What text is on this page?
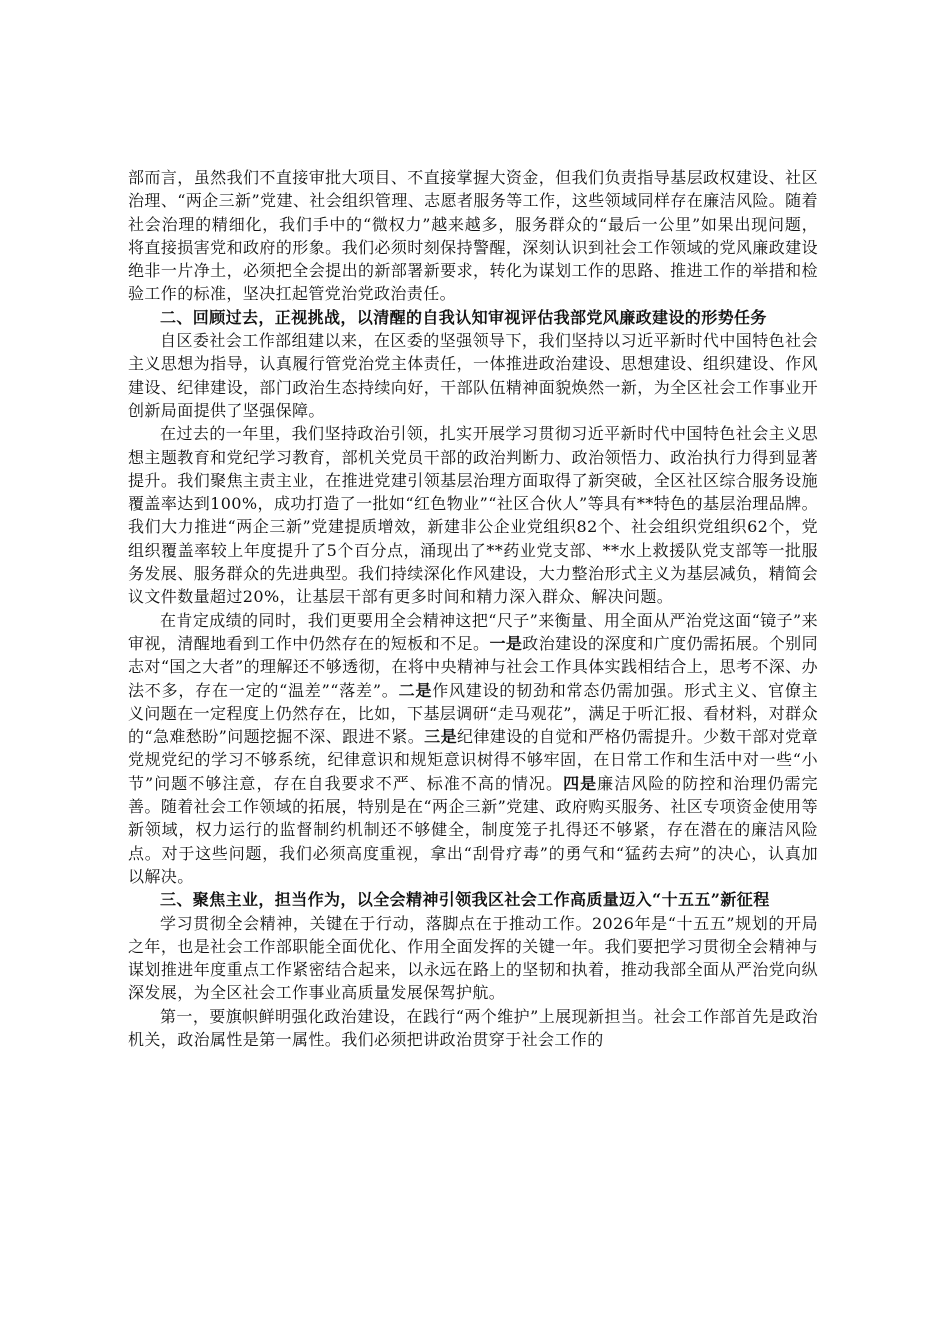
部而言，虽然我们不直接审批大项目、不直接掌握大资金，但我们负责指导基层政权建设、社区治理、“两企三新”党建、社会组织管理、志愿者服务等工作，这些领域同样存在廉洁风险。随着社会治理的精细化，我们手中的“微权力”越来越多，服务群众的“最后一公里”如果出现问题，将直接损害党和政府的形象。我们必须时刻保持警醒，深刻认识到社会工作领域的党风廉政建设绝非一片净土，必须把全会提出的新部署新要求，转化为谋划工作的思路、推进工作的举措和检验工作的标准，坚决扛起管党治党政治责任。

二、回顾过去，正视挑战，以清醒的自我认知审视评估我部党风廉政建设的形势任务

自区委社会工作部组建以来，在区委的坚强领导下，我们坚持以习近平新时代中国特色社会主义思想为指导，认真履行管党治党主体责任，一体推进政治建设、思想建设、组织建设、作风建设、纪律建设，部门政治生态持续向好，干部队伍精神面貌焕然一新，为全区社会工作事业开创新局面提供了坚强保障。

在过去的一年里，我们坚持政治引领，扎实开展学习贯彻习近平新时代中国特色社会主义思想主题教育和党纪学习教育，部机关党员干部的政治判断力、政治领悟力、政治执行力得到显著提升。我们聚焦主责主业，在推进党建引领基层治理方面取得了新突破，全区社区综合服务设施覆盖率达到100%，成功打造了一批如“红色物业”“社区合伙人”等具有**特色的基层治理品牌。我们大力推进“两企三新”党建提质增效，新建非公企业党组织82个、社会组织党组织62个，党组织覆盖率较上年度提升了5个百分点，涌现出了**药业党支部、**水上救援队党支部等一批服务发展、服务群众的先进典型。我们持续深化作风建设，大力整治形式主义为基层减负，精简会议文件数量超过20%，让基层干部有更多时间和精力深入群众、解决问题。

在肯定成绩的同时，我们更要用全会精神这把“尺子”来衡量、用全面从严治党这面“镜子”来审视，清醒地看到工作中仍然存在的短板和不足。一是政治建设的深度和广度仍需拓展。个别同志对“国之大者”的理解还不够透彻，在将中央精神与社会工作具体实践相结合上，思考不深、办法不多，存在一定的“温差”“落差”。二是作风建设的韧劲和常态仍需加强。形式主义、官僚主义问题在一定程度上仍然存在，比如，下基层调研“走马观花”，满足于听汇报、看材料，对群众的“急难愁盼”问题挖掘不深、跟进不紧。三是纪律建设的自觉和严格仍需提升。少数干部对党章党规党纪的学习不够系统，纪律意识和规矩意识树得不够牢固，在日常工作和生活中对一些“小节”问题不够注意，存在自我要求不严、标准不高的情况。四是廉洁风险的防控和治理仍需完善。随着社会工作领域的拓展，特别是在“两企三新”党建、政府购买服务、社区专项资金使用等新领域，权力运行的监督制约机制还不够健全，制度笼子扎得还不够紧，存在潜在的廉洁风险点。对于这些问题，我们必须高度重视，拿出“刮骨疗毒”的勇气和“猛药去疴”的决心，认真加以解决。

三、聚焦主业，担当作为，以全会精神引领我区社会工作高质量迈入“十五五”新征程

学习贯彻全会精神，关键在于行动，落脚点在于推动工作。2026年是“十五五”规划的开局之年，也是社会工作部职能全面优化、作用全面发挥的关键一年。我们要把学习贯彻全会精神与谋划推进年度重点工作紧密结合起来，以永远在路上的坚韧和执着，推动我部全面从严治党向纵深发展，为全区社会工作事业高质量发展保驾护航。

第一，要旗帜鲜明强化政治建设，在践行“两个维护”上展现新担当。社会工作部首先是政治机关，政治属性是第一属性。我们必须把讲政治贯穿于社会工作的
